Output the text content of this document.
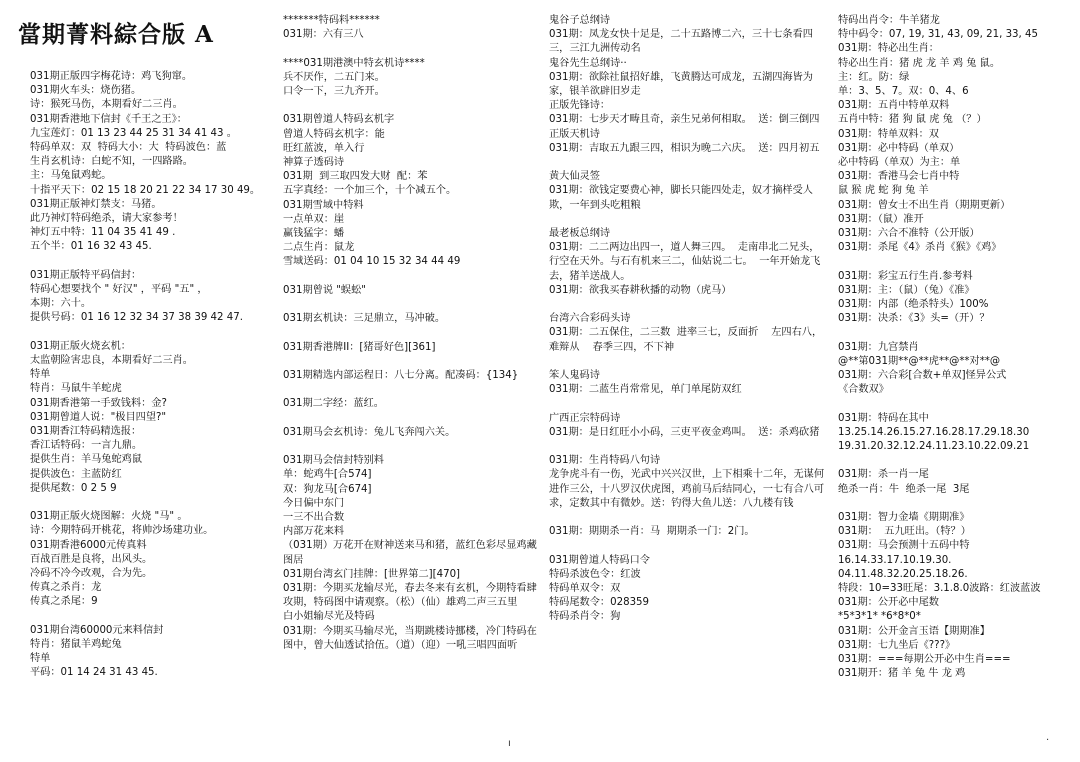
當期菁料綜合版 A
031期正版四字梅花诗：鸡飞狗窜。
031期火车头：烧伤猪。
诗：猴死马伤，本期看好二三肖。
031期香港地下信封《千王之王》：
九宝莲灯：01 13 23 44 25 31 34 41 43 。
特码单双：双  特码大小：大  特码波色：蓝
生肖玄机诗：白蛇不知，一四路路。
主：马兔鼠鸡蛇。
十指平天下：02 15 18 20 21 22 34 17 30 49。
031期正版神灯禁支：马猪。
此乃神灯特码绝杀，请大家参考！
神灯五中特：11 04 35 41 49 .
五个半：01 16 32 43 45.
031期正版特平码信封：
特码心想要找个 " 好汉" ，平码 "五" ，
本期：六十。
提供号码：01 16 12 32 34 37 38 39 42 47.
031期正版火烧玄机：
太监朝险害忠良，本期看好二三肖。
特单
特肖：马鼠牛羊蛇虎
031期香港第一手致钱料：金?
031期曾道人说："极目四望?"
031期香江特码精选报：
香江话特码：一言九鼎。
提供生肖：羊马兔蛇鸡鼠
提供波色：主蓝防红
提供尾数：0 2 5 9
031期正版火烧图解：火烧 "马" 。
诗：今期特码开桃花，将帅沙场建功业。
031期香港6000元传真料
百战百胜是良将，出风头。
冷码不冷今改观，合为先。
传真之杀肖：龙
传真之杀尾：9
031期台湾60000元来料信封
特肖：猪鼠羊鸡蛇兔
特单
平码：01 14 24 31 43 45.
*******特码料******
031期：六有三八
****031期港澳中特玄机诗****
兵不厌作，二五门来。
口令一下，三九齐开。
031期曾道人特码玄机字
曾道人特码玄机字：能
旺红蓝波，单入行
神算子透码诗
031期  到三取四发大财  配：苯
五字真经：一个加三个，十个减五个。
031期雪域中特料
一点单双：崖
赢钱猛字：蟠
二点生肖：鼠龙
雪域送码：01 04 10 15 32 34 44 49
031期曾说 "蜈蚣"
031期玄机诀：三足鼎立，马冲破。
031期香港牌II：[猪哥好色][361]
031期精选内部运程日：八七分离。配凑码：{134}
031期二字经：蓝红。
031期马会玄机诗：兔儿飞奔闯六关。
031期马会信封特别料
单：蛇鸡牛[合574]
双：狗龙马[合674]
今日偏中东门
一三不出合数
内部万花来料
（031期）万花开在财神送来马和猪，蓝红色彩尽显鸡藏图居
031期台湾玄门挂牌：[世界第二][470]
031期：今期买龙输尽光，春去冬来有玄机，今期特看肆攻期，特码图中请观察。（松）（仙）雄鸡二声三五里
白小姐输尽光及特码
031期：今期买马输尽光，当期跳楼诗挪楼，冷门特码在图中，曾大仙透试拾伍。（道）（迎）一吼三唱四面听
鬼谷子总纲诗
031期：凤龙女快十足是，二十五路博二六，三十七条看四三，三江九洲传动名
鬼谷先生总纲诗··
031期：欲除社鼠招好雄，飞黄腾达可成龙，五湖四海皆为家，银羊欲辟旧岁走
正版先锋诗：
031期：七步天才畴且奇，亲生兄弟何相取。  送：倒三倒四
正版天机诗
031期：吉取五九跟三四，相识为晚二六庆。  送：四月初五
黄大仙灵签
031期：欲钱定要费心神，脚长只能四处走，奴才摘样受人欺，一年到头吃粗粮
最老板总纲诗
031期：二二两边出四一，道人舞三四。  走南串北二兄头，行空在天外。与石有机来三二，仙姑说二七。  一年开始龙飞去，猪羊送战人。
031期：欲我买春耕秋播的动物（虎马）
台湾六合彩码头诗
031期：二五保住，二三数  进率三七，反面折    左四右八，难辩从    春季三四，不下神
笨人鬼码诗
031期：二蓝生肖常常见，单门单尾防双红
广西正宗特码诗
031期：是日红旺小小码，三吏平夜金鸡叫。  送：杀鸡砍猪
031期：生肖特码八句诗
龙争虎斗有一伤，光武中兴兴汉世，上下相乘十二年，无谋何进作三公，十八罗汉伏虎图，鸡前马后结同心，一七有合八可求，定数其中有微妙。送：钓得大鱼儿送：八九楼有钱
031期：期期杀一肖：马  期期杀一门：2门。
031期曾道人特码口令
特码杀波色令：红波
特码单双令：双
特码尾数令：028359
特码杀肖令：狗
特码出肖令：牛羊猪龙
特中码令：07, 19, 31, 43, 09, 21, 33, 45
031期：特必出生肖：
特必出生肖：猪 虎 龙 羊 鸡 兔 鼠。
主：红。防：绿
单：3、5、7。双：0、4、6
031期：五肖中特单双料
五肖中特：猪 狗 鼠 虎 兔 （？）
031期：特单双料：双
031期：必中特码（单双）
必中特码（单双）为主：单
031期：香港马会七肖中特
鼠 猴 虎 蛇 狗 兔 羊
031期：曾女士不出生肖（期期更新）
031期：（鼠）准开
031期：六合不准特（公开版）
031期：杀尾《4》杀肖《猴》《鸡》
031期：彩宝五行生肖.参考料
031期：主：（鼠）（兔）《准》
031期：内部（绝杀特头）100%
031期：决杀：《3》头=（开）？
031期：九宫禁肖
@**第031期**@**虎**@**对**@
031期：六合彩[合数+单双]怪异公式
《合数双》
031期：特码在其中
13.25.14.26.15.27.16.28.17.29.18.30
19.31.20.32.12.24.11.23.10.22.09.21
031期：杀一肖一尾
绝杀一肖：牛  绝杀一尾  3尾
031期：智力金墙《期期准》
031期：  五九旺出。（特？）
031期：马会预测十五码中特
16.14.33.17.10.19.30.
04.11.48.32.20.25.18.26.
特段：10=33旺尾：3.1.8.0波路：红波蓝波
031期：公开必中尾数
*5*3*1* *6*8*0*
031期：公开金言玉语【期期准】
031期：七九坐后《???》
031期：===每期公开必中生肖===
031期开：猪 羊 兔 牛 龙 鸡
ı	·
